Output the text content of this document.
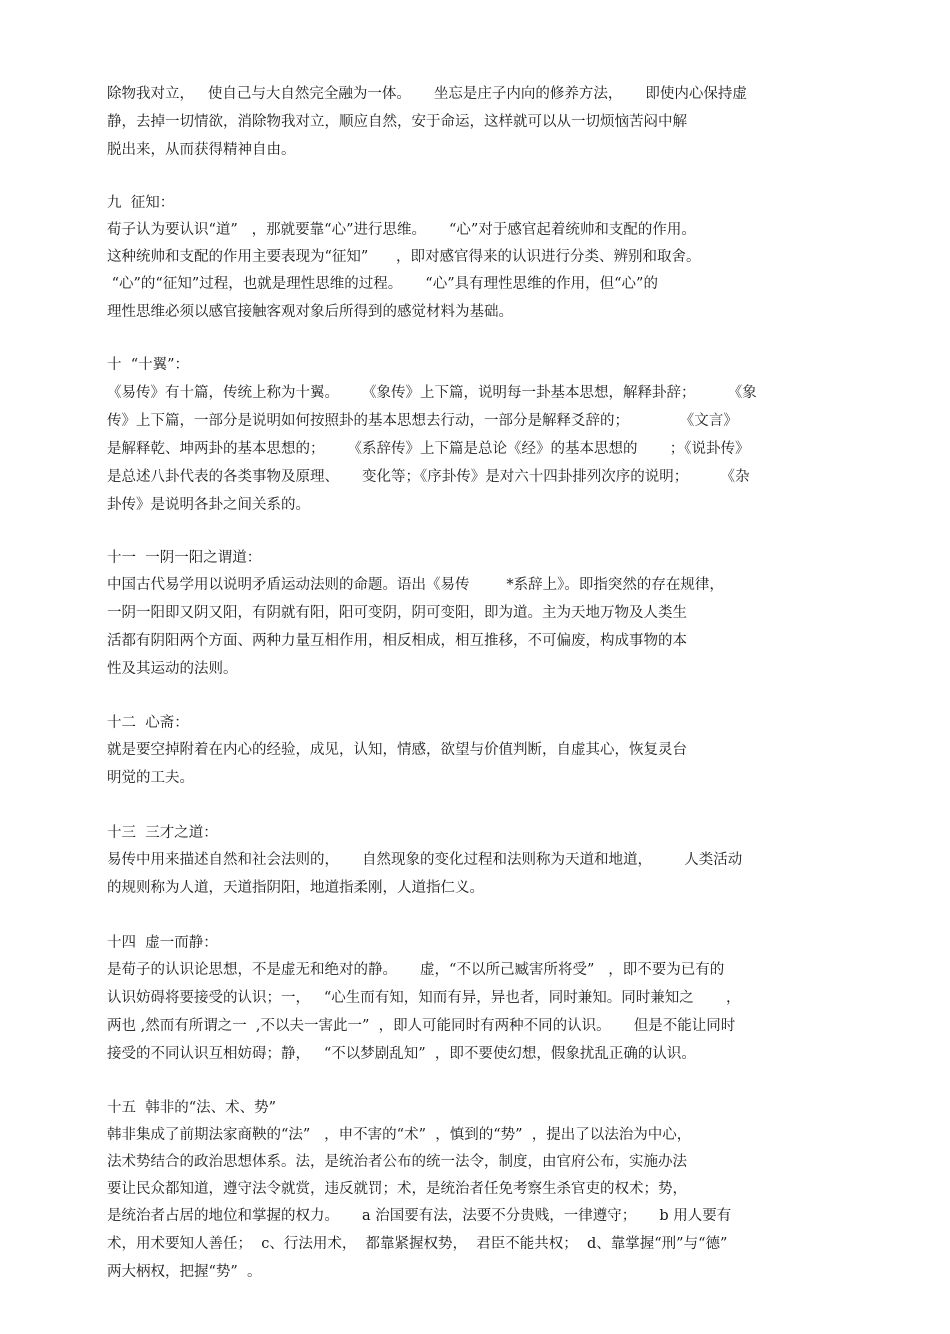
除物我对立，   使自己与大自然完全融为一体。     坐忘是庄子内向的修养方法，     即使内心保持虚
静，去掉一切情欲，消除物我对立，顺应自然，安于命运，这样就可以从一切烦恼苦闷中解
脱出来，从而获得精神自由。
九  征知：
荀子认为要认识“道”   ，那就要靠“心”进行思维。     “心”对于感官起着统帅和支配的作用。
这种统帅和支配的作用主要表现为“征知”      ，即对感官得来的认识进行分类、辨别和取舍。
“心”的“征知”过程，也就是理性思维的过程。     “心”具有理性思维的作用，但“心”的
理性思维必须以感官接触客观对象后所得到的感觉材料为基础。
十  “十翼”：
《易传》有十篇，传统上称为十翼。     《象传》上下篇，说明每一卦基本思想，解释卦辞；       《象
传》上下篇，一部分是说明如何按照卦的基本思想去行动，一部分是解释爻辞的；           《文言》
是解释乾、坤两卦的基本思想的；     《系辞传》上下篇是总论《经》的基本思想的       ；《说卦传》
是总述八卦代表的各类事物及原理、     变化等；《序卦传》是对六十四卦排列次序的说明；       《杂
卦传》是说明各卦之间关系的。
十一  一阴一阳之谓道：
中国古代易学用以说明矛盾运动法则的命题。语出《易传        *系辞上》。即指突然的存在规律，
一阴一阳即又阴又阳，有阴就有阳，阳可变阴，阴可变阳，即为道。主为天地万物及人类生
活都有阴阳两个方面、两种力量互相作用，相反相成，相互推移，不可偏废，构成事物的本
性及其运动的法则。
十二  心斋：
就是要空掉附着在内心的经验，成见，认知，情感，欲望与价值判断，自虚其心，恢复灵台
明觉的工夫。
十三  三才之道：
易传中用来描述自然和社会法则的，     自然现象的变化过程和法则称为天道和地道，       人类活动
的规则称为人道，天道指阴阳，地道指柔刚，人道指仁义。
十四  虚一而静：
是荀子的认识论思想，不是虚无和绝对的静。     虚，“不以所己臧害所将受”   ，即不要为已有的
认识妨碍将要接受的认识；一，   “心生而有知，知而有异，异也者，同时兼知。同时兼知之       ，
两也 ,然而有所谓之一  ,不以夫一害此一”  ，即人可能同时有两种不同的认识。     但是不能让同时
接受的不同认识互相妨碍；静，   “不以梦剧乱知”  ，即不要使幻想，假象扰乱正确的认识。
十五  韩非的“法、术、势”
韩非集成了前期法家商鞅的“法”   ，申不害的“术”  ，慎到的“势”  ，提出了以法治为中心，
法术势结合的政治思想体系。法，是统治者公布的统一法令，制度，由官府公布，实施办法
要让民众都知道，遵守法令就赏，违反就罚；术，是统治者任免考察生杀官吏的权术；势，
是统治者占居的地位和掌握的权力。     a 治国要有法，法要不分贵贱，一律遵守；     b 用人要有
术，用术要知人善任；  c、行法用术，  都靠紧握权势，  君臣不能共权；  d、靠掌握“刑”与“德”
两大柄权，把握“势”  。
